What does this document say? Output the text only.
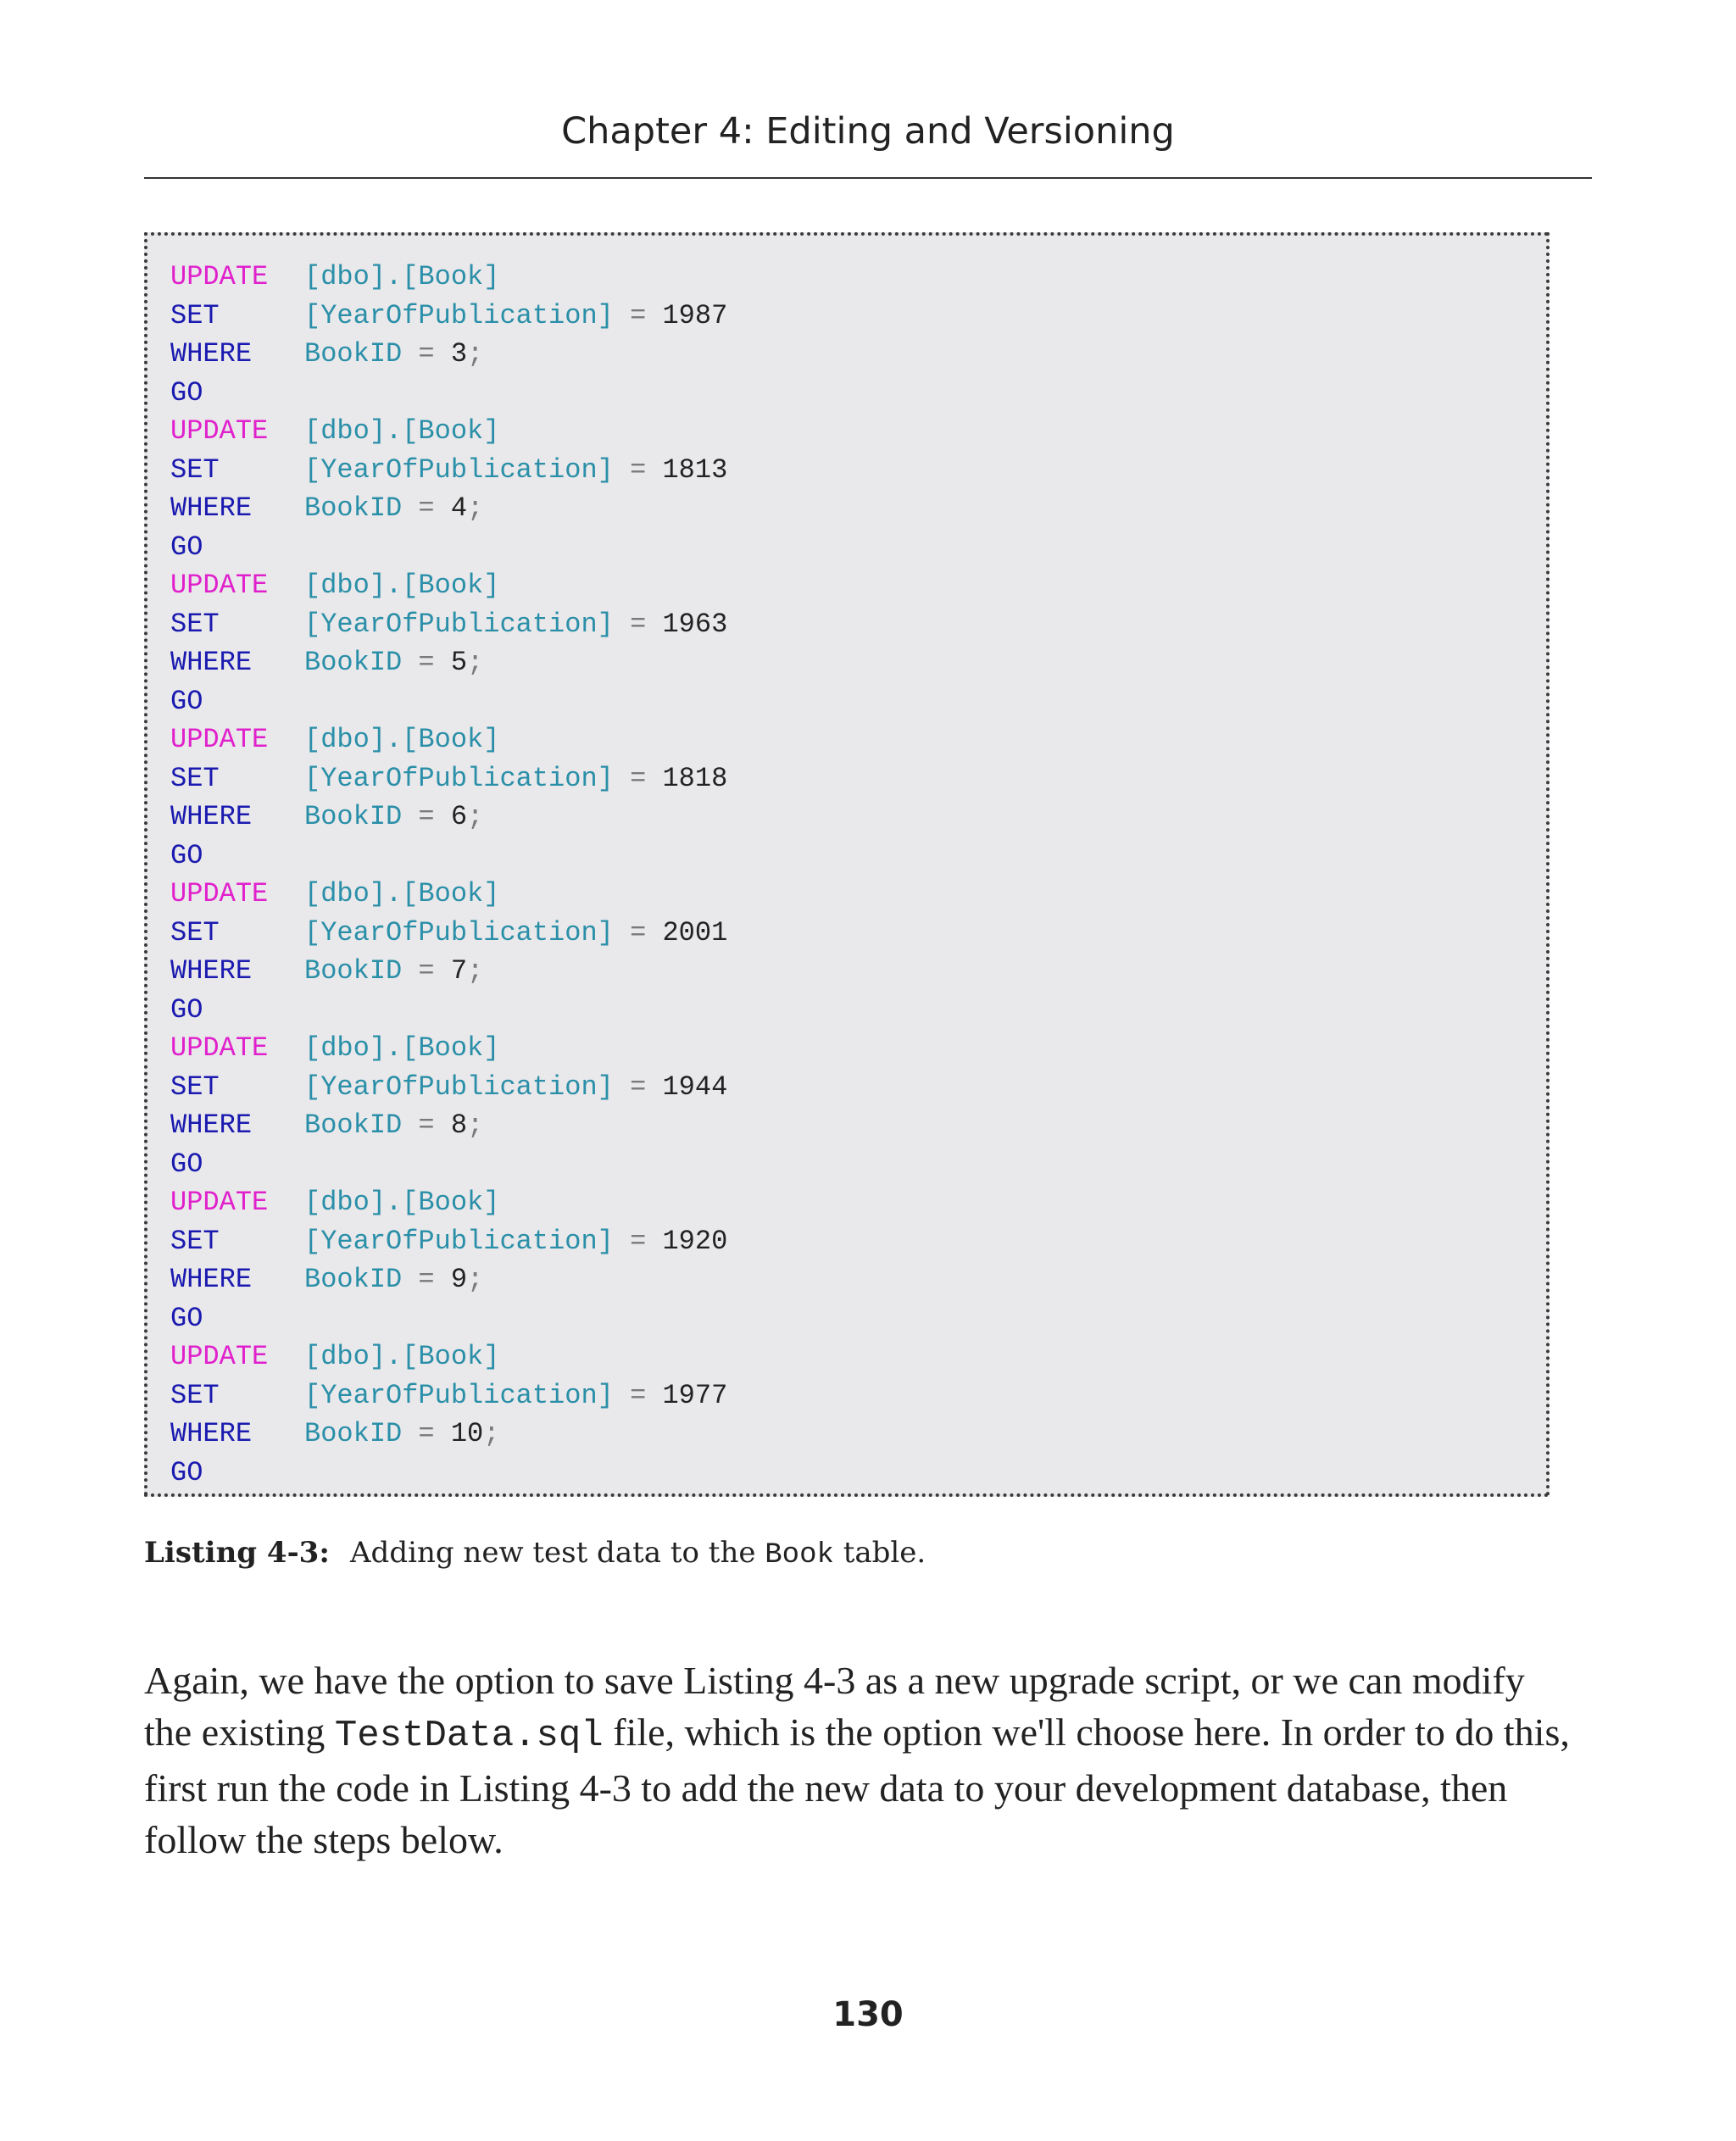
Chapter 4: Editing and Versioning
UPDATE [dbo].[Book]
SET	[YearOfPublication] = 1987
WHERE BookID = 3;
GO
UPDATE [dbo].[Book]
SET	[YearOfPublication] = 1813
WHERE BookID = 4;
GO
UPDATE [dbo].[Book]
SET	[YearOfPublication] = 1963
WHERE BookID = 5;
GO
UPDATE [dbo].[Book]
SET	[YearOfPublication] = 1818
WHERE BookID = 6;
GO
UPDATE [dbo].[Book]
SET	[YearOfPublication] = 2001
WHERE BookID = 7;
GO
UPDATE [dbo].[Book]
SET	[YearOfPublication] = 1944
WHERE BookID = 8;
GO
UPDATE [dbo].[Book]
SET	[YearOfPublication] = 1920
WHERE BookID = 9;
GO
UPDATE [dbo].[Book]
SET	[YearOfPublication] = 1977
WHERE BookID = 10;
GO
Listing 4-3: Adding new test data to the Book table.
Again, we have the option to save Listing 4-3 as a new upgrade script, or we can modify
the existing TestData.sql file, which is the option we'll choose here. In order to do this,
first run the code in Listing 4-3 to add the new data to your development database, then
follow the steps below.
130
